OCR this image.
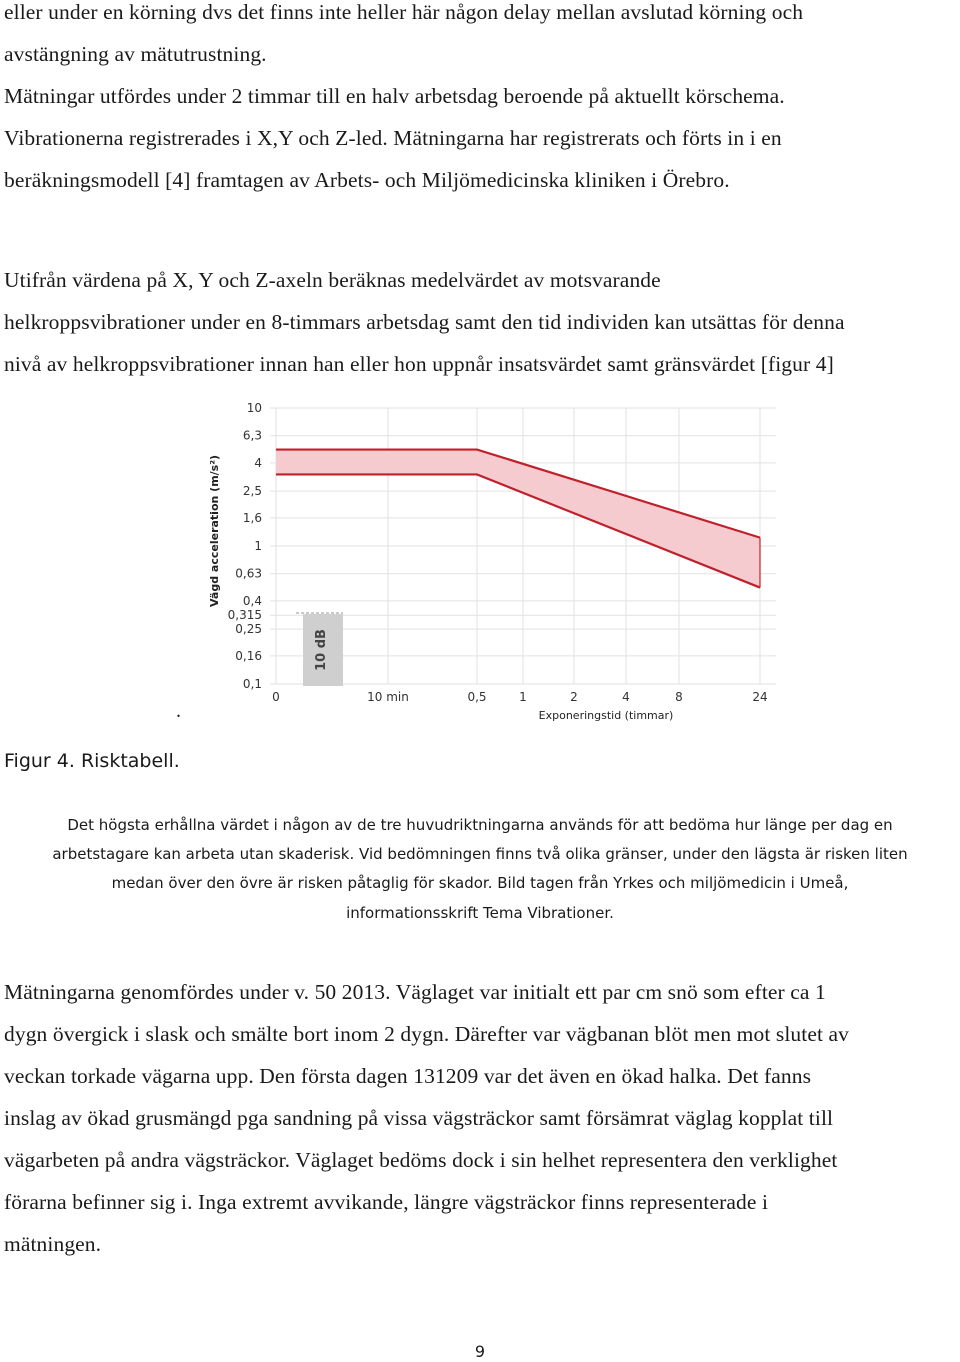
eller under en körning dvs det finns inte heller här någon delay mellan avslutad körning och
avstängning av mätutrustning.
Mätningar utfördes under 2 timmar till en halv arbetsdag beroende på aktuellt körschema.
Vibrationerna registrerades i X,Y och Z-led. Mätningarna har registrerats och förts in i en
beräkningsmodell [4] framtagen av Arbets- och Miljömedicinska kliniken i Örebro.
Utifrån värdena på X, Y och Z-axeln beräknas medelvärdet av motsvarande
helkroppsvibrationer under en 8-timmars arbetsdag samt den tid individen kan utsättas för denna
nivå av helkroppsvibrationer innan han eller hon uppnår insatsvärdet samt gränsvärdet [figur 4]
10
6,3
4
2,5
1,6
1
0,63
0,4
0,315
0,25
0,16
0,1
0	10 min	0,5	1	2	4	8	24
Vägd acceleration (m/s²)
Exponeringstid (timmar)
10 dB
.
Figur 4. Risktabell.
Det högsta erhållna värdet i någon av de tre huvudriktningarna används för att bedöma hur länge per dag en
arbetstagare kan arbeta utan skaderisk. Vid bedömningen finns två olika gränser, under den lägsta är risken liten
medan över den övre är risken påtaglig för skador. Bild tagen från Yrkes och miljömedicin i Umeå,
informationsskrift Tema Vibrationer.
Mätningarna genomfördes under v. 50 2013. Väglaget var initialt ett par cm snö som efter ca 1
dygn övergick i slask och smälte bort inom 2 dygn. Därefter var vägbanan blöt men mot slutet av
veckan torkade vägarna upp. Den första dagen 131209 var det även en ökad halka. Det fanns
inslag av ökad grusmängd pga sandning på vissa vägsträckor samt försämrat väglag kopplat till
vägarbeten på andra vägsträckor. Väglaget bedöms dock i sin helhet representera den verklighet
förarna befinner sig i. Inga extremt avvikande, längre vägsträckor finns representerade i
mätningen.
9
